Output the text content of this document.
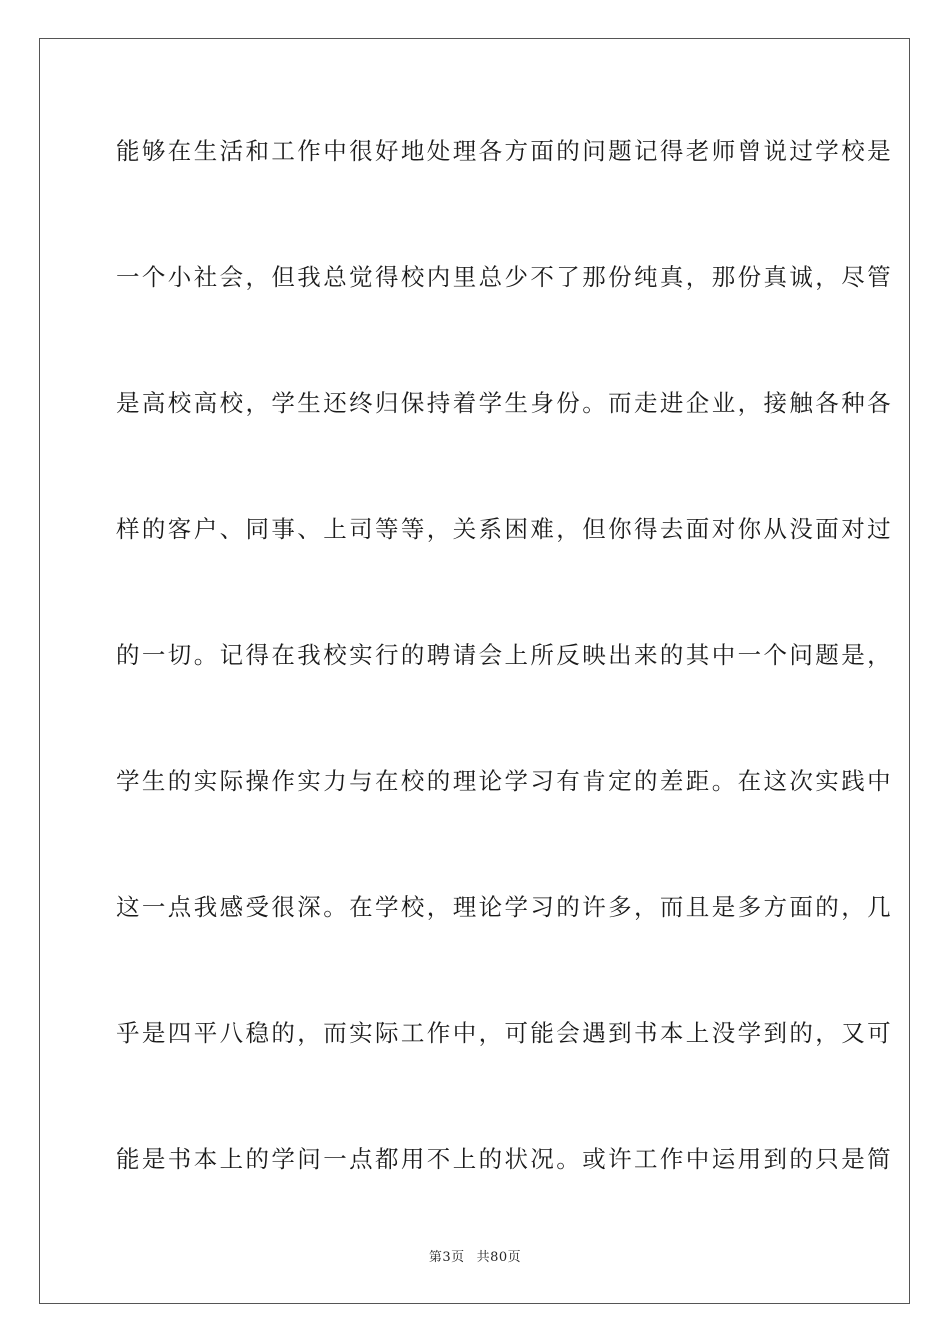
能够在生活和工作中很好地处理各方面的问题记得老师曾说过学校是
一个小社会，但我总觉得校内里总少不了那份纯真，那份真诚，尽管
是高校高校，学生还终归保持着学生身份。而走进企业，接触各种各
样的客户、同事、上司等等，关系困难，但你得去面对你从没面对过
的一切。记得在我校实行的聘请会上所反映出来的其中一个问题是，
学生的实际操作实力与在校的理论学习有肯定的差距。在这次实践中
这一点我感受很深。在学校，理论学习的许多，而且是多方面的，几
乎是四平八稳的，而实际工作中，可能会遇到书本上没学到的，又可
能是书本上的学问一点都用不上的状况。或许工作中运用到的只是简
第3页 共80页
